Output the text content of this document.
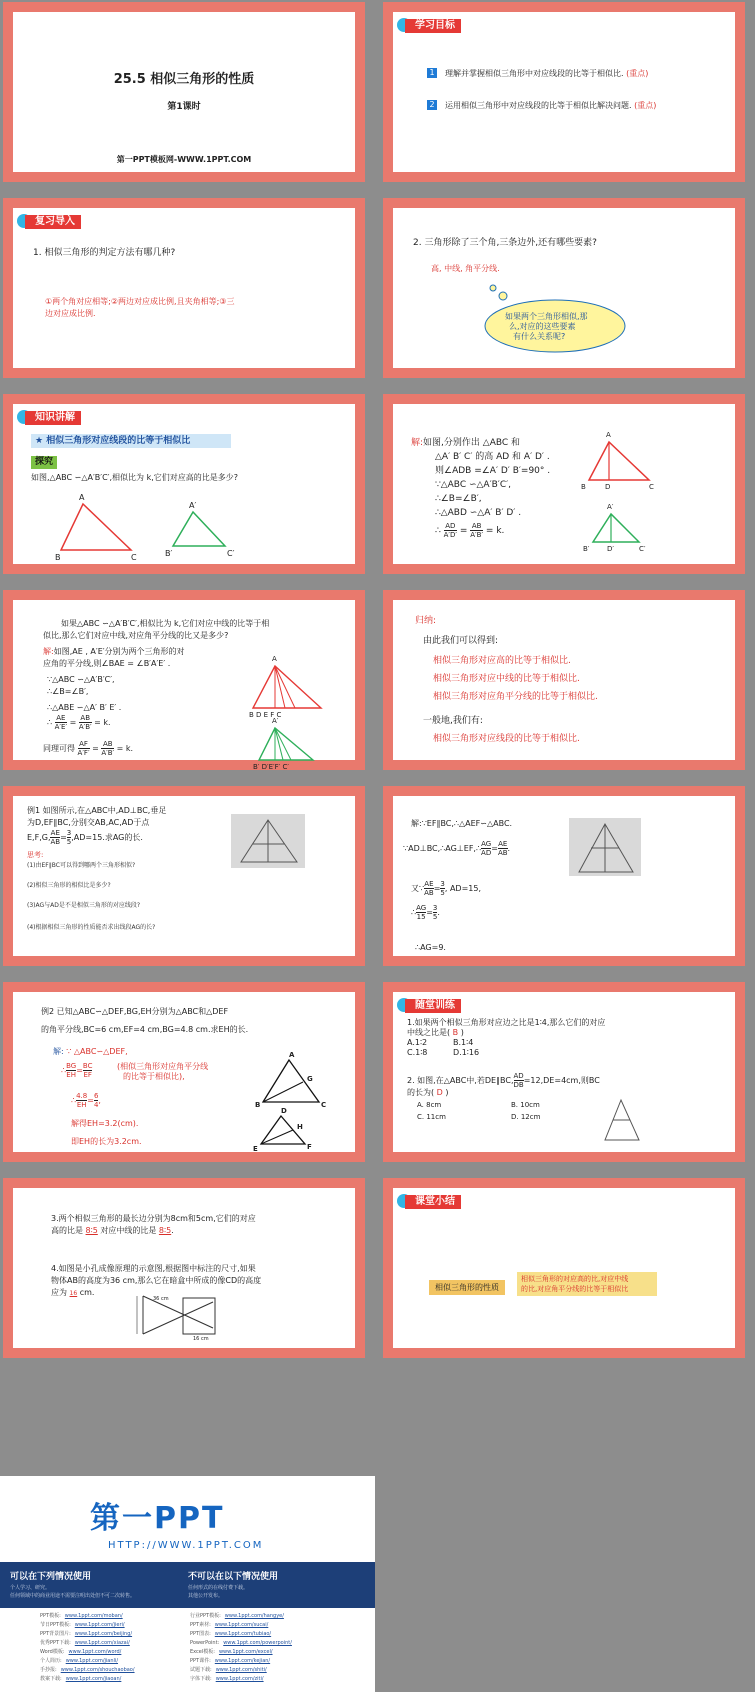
25.5 相似三角形的性质
第1课时
第一PPT模板网-WWW.1PPT.COM
学习目标
1	理解并掌握相似三角形中对应线段的比等于相似比. (重点)
2	运用相似三角形中对应线段的比等于相似比解决问题. (重点)
复习导入
1. 相似三角形的判定方法有哪几种?
①两个角对应相等;②两边对应成比例,且夹角相等;③三
边对应成比例.
2. 三角形除了三个角,三条边外,还有哪些要素?
高, 中线, 角平分线.
如果两个三角形相似,那
么,对应的这些要素
有什么关系呢?
知识讲解
★ 相似三角形对应线段的比等于相似比
探究
如图,△ABC ∽△A′B′C′,相似比为 k,它们对应高的比是多少?
A
B	C
A′
B′	C′
解:如图,分别作出 △ABC 和
△A′ B′ C′ 的高 AD 和 A′ D′ .
则∠ADB =∠A′ D′ B′=90° .
∵△ABC ∽△A′B′C′,
∴∠B=∠B′,
∴△ABD ∽△A′ B′ D′ .
∴ $\frac{AD}{A'D'} = \frac{AB}{A'B'} = k$.
A
B	D	C
A′
B′	D′	C′
如果△ABC ∽△A′B′C′,相似比为 k,它们对应中线的比等于相
似比,那么它们对应中线,对应角平分线的比又是多少?
解:如图,AE , A′E′分别为两个三角形的对
应角的平分线,则∠BAE = ∠B′A′E′ .
∵△ABC ∽△A′B′C′,
∴∠B=∠B′,
∴△ABE ∽△A′ B′ E′ .
∴ $\frac{AE}{A'E'} = \frac{AB}{A'B'} = k$.
同理可得 $\frac{AF}{A'F'} = \frac{AB}{A'B'} = k$.
A
B D E F C
A′
B′ D′E′F′ C′
归纳:
由此我们可以得到:
相似三角形对应高的比等于相似比.
相似三角形对应中线的比等于相似比.
相似三角形对应角平分线的比等于相似比.
一般地,我们有:
相似三角形对应线段的比等于相似比.
例1 如图所示,在△ABC中,AD⊥BC,垂足
为D,EF∥BC,分别交AB,AC,AD于点
E,F,G, $\frac{AE}{AB} = \frac{3}{5} ,AD=15$.求AG的长.
思考:
(1)由EF∥BC可以得到哪两个三角形相似?
(2)相似三角形的相似比是多少?
(3)AG与AD是不是相似三角形的对应线段?
(4)根据相似三角形的性质能否求出线段AG的长?
解:∵EF∥BC,∴△AEF∽△ABC.
∵AD⊥BC,∴AG⊥EF,∴ $\frac{AG}{AD} = \frac{AE}{AB}$ .
又∵ $\frac{AE}{AB} = \frac{3}{5}$ , AD=15,
∴ $\frac{AG}{15} = \frac{3}{5}$ .
∴AG=9.
例2 已知△ABC∽△DEF,BG,EH分别为△ABC和△DEF
的角平分线,BC=6 cm,EF=4 cm,BG=4.8 cm.求EH的长.
解: ∵ △ABC∽△DEF,
∴ $\frac{BG}{EH} = \frac{BC}{EF}$	(相似三角形对应角平分线
的比等于相似比),
∴ $\frac{4.8}{EH} = \frac{6}{4}$ ,
解得EH=3.2(cm).
即EH的长为3.2cm.
A
G
B	C
D
H
E	F
随堂训练
1.如果两个相似三角形对应边之比是1∶4,那么它们的对应
中线之比是( B )
A.1∶2	B.1∶4
C.1∶8	D.1∶16
2. 如图,在△ABC中,若DE∥BC, $\frac{AD}{DB} =12,DE=4cm$,则BC
的长为( D )
A. 8cm	B. 10cm
C. 11cm	D. 12cm
3.两个相似三角形的最长边分别为8cm和5cm,它们的对应
高的比是 8∶5 对应中线的比是 8∶5.
4.如图是小孔成像原理的示意图,根据图中标注的尺寸,如果
物体AB的高度为36 cm,那么它在暗盒中所成的像CD的高度
应为 16 cm.
36 cm
16 cm
课堂小结
相似三角形的性质
相似三角形的对应高的比,对应中线
的比,对应角平分线的比等于相似比
第一PPT
HTTP://WWW.1PPT.COM
可以在下列情况使用	不可以在以下情况使用
个人学习、研究。
任何领域中的商业用途不需要注明出处但不可二次转售。
任何形式的在线付费下载。
其他公开发布。
PPT模板: www.1ppt.com/moban/
节日PPT模板: www.1ppt.com/jieri/
PPT背景图片: www.1ppt.com/beijing/
优秀PPT下载: www.1ppt.com/xiazai/
Word模板: www.1ppt.com/word/
个人简历: www.1ppt.com/jianli/
手抄报: www.1ppt.com/shouchaobao/
教案下载: www.1ppt.com/jiaoan/
行业PPT模板: www.1ppt.com/hangye/
PPT素材: www.1ppt.com/sucai/
PPT图表: www.1ppt.com/tubiao/
PowerPoint: www.1ppt.com/powerpoint/
Excel模板: www.1ppt.com/excel/
PPT课件: www.1ppt.com/kejian/
试题下载: www.1ppt.com/shiti/
字体下载: www.1ppt.com/ziti/
